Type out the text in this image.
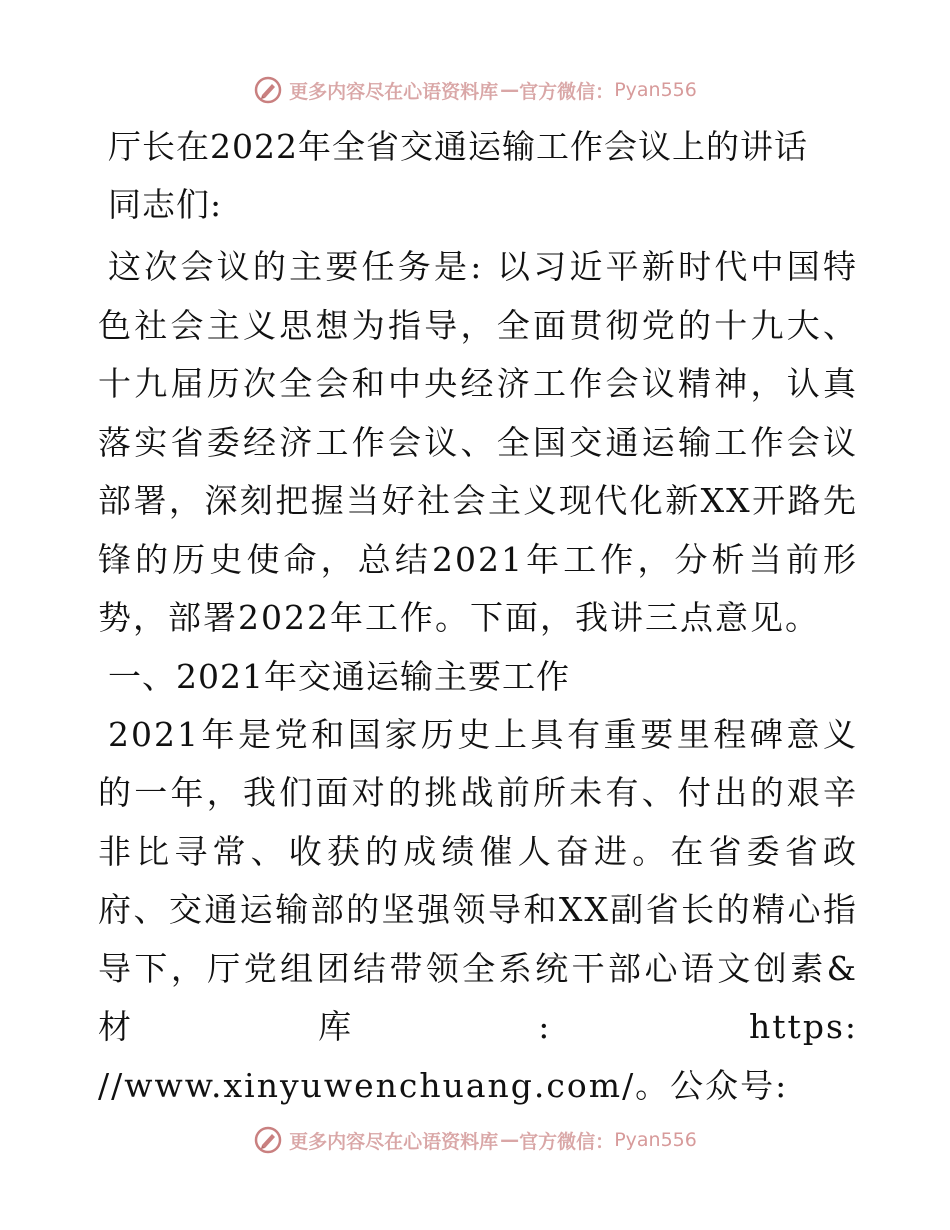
更多内容尽在心语资料库 — 官方微信： Pyan556

厅长在2022年全省交通运输工作会议上的讲话

同志们:

这次会议的主要任务是: 以习近平新时代中国特色社会主义思想为指导，全面贯彻党的十九大、十九届历次全会和中央经济工作会议精神，认真落实省委经济工作会议、全国交通运输工作会议部署，深刻把握当好社会主义现代化新XX开路先锋的历史使命，总结2021年工作，分析当前形势，部署2022年工作。下面，我讲三点意见。

一、2021年交通运输主要工作

2021年是党和国家历史上具有重要里程碑意义的一年，我们面对的挑战前所未有、付出的艰辛非比寻常、收获的成绩催人奋进。在省委省政府、交通运输部的坚强领导和XX副省长的精心指导下，厅党组团结带领全系统干部心语文创素&材库: https: //www.xinyuwenchuang.com/。公众号:

更多内容尽在心语资料库 — 官方微信： Pyan556
